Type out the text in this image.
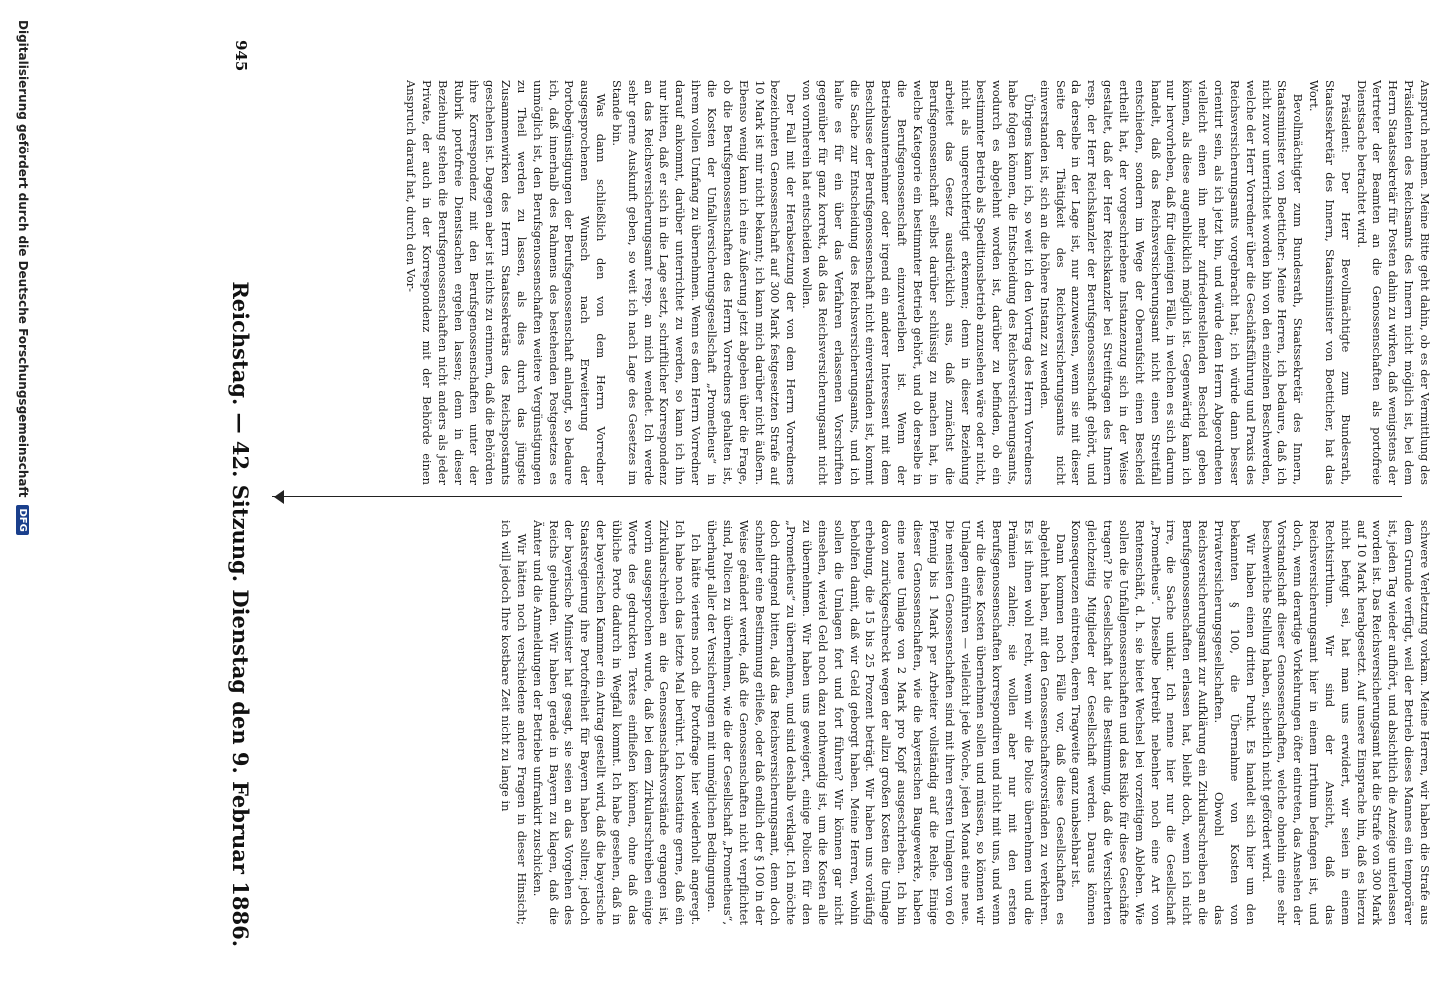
Anspruch nehmen. Meine Bitte geht dahin, ob es der Vermittlung des Präsidenten des Reichsamts des Innern nicht möglich ist, bei dem Herrn Staatssekretär für Posten dahin zu wirken, daß wenigstens der Vertreter der Beamten an die Genossenschaften als portofreie Dienstsache betrachtet wird.

Präsident: Der Herr Bevollmächtigte zum Bundesrath, Staatssekretär des Innern, Staatsminister von Boetticher, hat das Wort.

Bevollmächtigter zum Bundesrath, Staatssekretär des Innern, Staatsminister von Boetticher: Meine Herren, ich bedaure, daß ich nicht zuvor unterrichtet worden bin von den einzelnen Beschwerden, welche der Herr Vorredner über die Geschäftsführung und Praxis des Reichsversicherungsamts vorgebracht hat; ich würde dann besser orientirt sein, als ich jetzt bin, und würde dem Herrn Abgeordneten vielleicht einen ihn mehr zufriedenstellenden Bescheid geben können, als diese augenblicklich möglich ist. Gegenwärtig kann ich nur hervorheben, daß für diejenigen Fälle, in welchen es sich darum handelt, daß das Reichsversicherungsamt nicht einen Streitfall entschieden, sondern im Wege der Oberaufsicht einen Bescheid ertheilt hat, der vorgeschriebene Instanzenzug sich in der Weise gestaltet, daß der Herr Reichskanzler bei Streitfragen des Innern resp. der Herr Reichskanzler der Berufsgenossenschaft gehört, und da derselbe in der Lage ist, nur anzuweisen, wenn sie mit dieser Seite der Thätigkeit des Reichsversicherungsamts nicht einverstanden ist, sich an die höhere Instanz zu wenden.

Übrigens kann ich, so weit ich den Vortrag des Herrn Vorredners habe folgen können, die Entscheidung des Reichsversicherungsamts, wodurch es abgelehnt worden ist, darüber zu befinden, ob ein bestimmter Betrieb als Speditionsbetrieb anzusehen wäre oder nicht, nicht als ungerechtfertigt erkennen; denn in dieser Beziehung arbeitet das Gesetz ausdrücklich aus, daß zunächst die Berufsgenossenschaft selbst darüber schlüssig zu machen hat, in welche Kategorie ein bestimmter Betrieb gehört, und ob derselbe in die Berufsgenossenschaft einzuverleiben ist. Wenn der Betriebsunternehmer oder irgend ein anderer Interessent mit dem Beschlusse der Berufsgenossenschaft nicht einverstanden ist, kommt die Sache zur Entscheidung des Reichsversicherungsamts, und ich halte es für ein über das Verfahren erlassenen Vorschriften gegenüber für ganz korrekt, daß das Reichsversicherungsamt nicht von vornherein hat entscheiden wollen.

Der Fall mit der Herabsetzung der von dem Herrn Vorredners bezeichneten Genossenschaft auf 300 Mark festgesetzten Strafe auf 10 Mark ist mir nicht bekannt; ich kann mich darüber nicht äußern. Ebenso wenig kann ich eine Äußerung jetzt abgeben über die Frage, ob die Berufsgenossenschaften des Herrn Vorredners gehalten ist, die Kosten der Unfallversicherungsgesellschaft „Prometheus“ in ihrem vollen Umfang zu übernehmen. Wenn es dem Herrn Vorredner darauf ankommt, darüber unterrichtet zu werden, so kann ich ihn nur bitten, daß er sich in die Lage setzt, schriftlicher Korrespondenz an das Reichsversicherungsamt resp. an mich wendet. Ich werde sehr gerne Auskunft geben, so weit ich nach Lage des Gesetzes im Stande bin.

Was dann schließlich den von dem Herrn Vorredner ausgesprochenen Wunsch nach Erweiterung der Portobegünstigungen der Berufsgenossenschaft anlangt, so bedaure ich, daß innerhalb des Rahmens des bestehenden Postgesetzes es unmöglich ist, den Berufsgenossenschaften weitere Vergünstigungen zu Theil werden zu lassen, als dies durch das jüngste Zusammenwirken des Herrn Staatssekretärs des Reichspostamts geschehen ist. Dagegen aber ist nichts zu erinnern, daß die Behörden ihre Korrespondenz mit den Berufsgenossenschaften unter der Rubrik portofreie Dienstsachen ergehen lassen; denn in dieser Beziehung stehen die Berufsgenossenschaften nicht anders als jeder Private, der auch in der Korrespondenz mit der Behörde einen Anspruch darauf hat, durch den Vor-

schwere Verletzung vorkam. Meine Herren, wir haben die Strafe aus dem Grunde verfügt, weil der Betrieb dieses Mannes ein temporärer ist, jeden Tag wieder aufhört, und absichtlich die Anzeige unterlassen worden ist. Das Reichsversicherungsamt hat die Strafe von 300 Mark auf 10 Mark herabgesetzt. Auf unsere Einsprache hin, daß es hierzu nicht befugt sei, hat man uns erwidert, wir seien in einem Rechtsirrthum. Wir sind der Ansicht, daß das Reichsversicherungsamt hier in einem Irrthum befangen ist, und doch, wenn derartige Vorkehrungen öfter eintreten, das Ansehen der Vorstandschaft dieser Genossenschaften, welche obnehin eine sehr beschwerliche Stellung haben, sicherlich nicht gefördert wird.

Wir haben einen dritten Punkt. Es handelt sich hier um den bekannten § 100, die Übernahme von Kosten von Privatversicherungsgesellschaften. Obwohl das Reichsversicherungsamt zur Aufklärung ein Zirkularschreiben an die Berufsgenossenschaften erlassen hat, bleibt doch, wenn ich nicht irre, die Sache unklar. Ich nenne hier nur die Gesellschaft „Prometheus“. Dieselbe betreibt nebenher noch eine Art von Rentenschäft, d. h. sie bietet Wechsel bei vorzeitigem Ableben. Wie sollen die Unfallgenossenschaften und das Risiko für diese Geschäfte tragen? Die Gesellschaft hat die Bestimmung, daß die Versicherten gleichzeitig Mitglieder der Gesellschaft werden. Daraus können Konsequenzen eintreten, deren Tragweite ganz unabsehbar ist.

Dann kommen noch Fälle vor, daß diese Gesellschaften es abgelehnt haben, mit den Genossenschaftsvorständen zu verkehren. Es ist ihnen wohl recht, wenn wir die Police übernehmen und die Prämien zahlen; sie wollen aber nur mit den ersten Berufsgenossenschaften korrespondiren und nicht mit uns, und wenn wir die diese Kosten übernehmen sollen und müssen, so können wir Umlagen einführen — vielleicht jede Woche, jeden Monat eine neue. Die meisten Genossenschaften sind mit ihren ersten Umlagen von 60 Pfennig bis 1 Mark per Arbeiter vollständig auf die Reihe. Einige dieser Genossenschaften, wie die bayerischen Baugewerke, haben eine neue Umlage von 2 Mark pro Kopf ausgeschrieben. Ich bin davon zurückgeschreckt wegen der allzu großen Kosten die Umlage erhebung, die 15 bis 25 Prozent beträgt. Wir haben uns vorläufig beholfen damit, daß wir Geld geborgt haben. Meine Herren, wohin sollen die Umlagen fort und fort führen? Wir können gar nicht einsehen, wieviel Geld noch dazu nothwendig ist, um die Kosten alle zu übernehmen. Wir haben uns geweigert, einige Policen für den „Prometheus“ zu übernehmen, und sind deshalb verklagt. Ich möchte doch dringend bitten, daß das Reichsversicherungsamt, denn doch schneller eine Bestimmung erließe, oder daß endlich der § 100 in der Weise geändert werde, daß die Genossenschaften nicht verpflichtet sind, Policen zu übernehmen, wie die der Gesellschaft „Prometheus“, überhaupt aller der Versicherungen mit unmöglichen Bedingungen.

Ich hätte viertens noch die Portofrage hier wiederholt angeregt. Ich habe noch das letzte Mal berührt. Ich konstatire gerne, daß ein Zirkularschreiben an die Genossenschaftsvorstände ergangen ist, worin ausgesprochen wurde, daß bei dem Zirkularschreiben einige Worte des gedruckten Textes einfließen können, ohne daß das übliche Porto dadurch in Wegfall kommt. Ich habe gesehen, daß in der bayerischen Kammer ein Antrag gestellt wird, daß die bayerische Staatsregierung ihre Portofreiheit für Bayern haben sollten; jedoch der bayerische Minister hat gesagt, sie seien an das Vorgehen des Reichs gebunden. Wir haben gerade in Bayern zu klagen, daß die Ämter und die Anmeldungen der Betriebe unfrankirt zuschicken.

Wir hätten noch verschiedene andere Fragen in dieser Hinsicht; ich will jedoch Ihre kostbare Zeit nicht zu lange in

945
Reichstag. — 42. Sitzung. Dienstag den 9. Februar 1886.
Digitalisierung gefördert durch die Deutsche Forschungsgemeinschaft
DFG
